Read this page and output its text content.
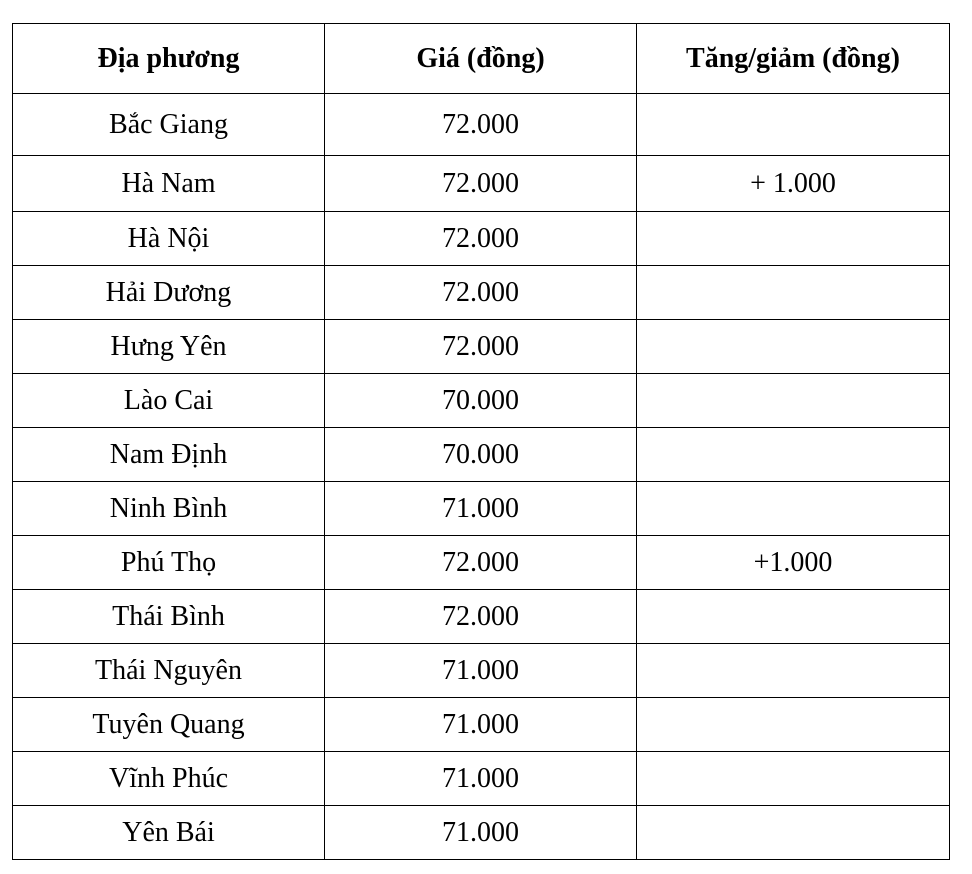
Địa phương	Giá (đồng)	Tăng/giảm (đồng)
Bắc Giang	72.000	
Hà Nam	72.000	+ 1.000
Hà Nội	72.000	
Hải Dương	72.000	
Hưng Yên	72.000	
Lào Cai	70.000	
Nam Định	70.000	
Ninh Bình	71.000	
Phú Thọ	72.000	+1.000
Thái Bình	72.000	
Thái Nguyên	71.000	
Tuyên Quang	71.000	
Vĩnh Phúc	71.000	
Yên Bái	71.000	
